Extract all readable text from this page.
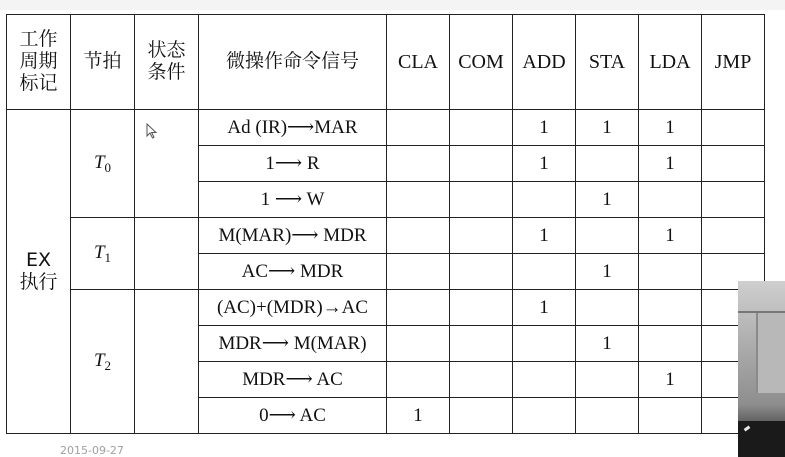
工作
周期
标记	节拍	状态
条件	微操作命令信号	CLA	COM	ADD	STA	LDA	JMP
EX
执行	$T_0$		Ad (IR)⟶MAR			1	1	1	
			1⟶ R			1		1	
			1 ⟶ W				1		
	$T_1$		M(MAR)⟶ MDR			1		1	
			AC⟶ MDR				1		
	$T_2$		(AC)+(MDR)→AC			1			
			MDR⟶ M(MAR)				1		
			MDR⟶ AC					1	
			0⟶ AC	1					
2015-09-27
